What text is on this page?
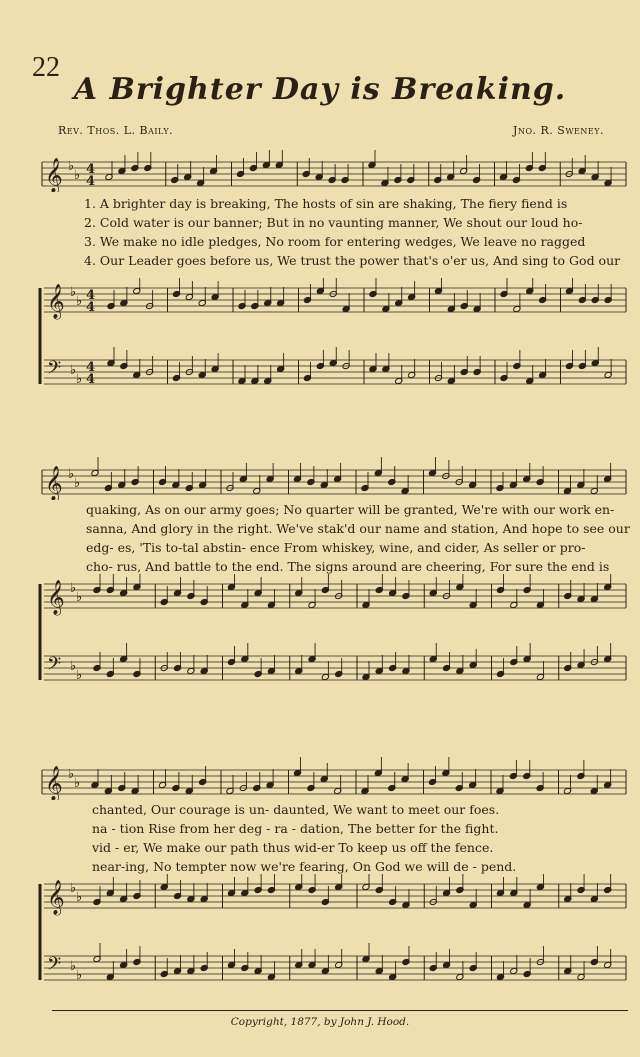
22
A Brighter Day is Breaking.
Rev. Thos. L. Baily.	Jno. R. Sweney.
𝄞 ♭
♭ 4
4
1. A brighter day is breaking, The hosts of sin are shaking, The fiery fiend is
2. Cold water is our banner; But in no vaunting manner, We shout our loud ho-
3. We make no idle pledges, No room for entering wedges, We leave no ragged
4. Our Leader goes before us, We trust the power that's o'er us, And sing to God our
𝄞 ♭
♭
𝄢 ♭
♭
4
4
4
4
𝄞 ♭
♭
quaking, As on our army goes; No quarter will be granted, We're with our work en-
sanna, And glory in the right. We've stak'd our name and station, And hope to see our
edg- es, 'Tis to-tal abstin- ence From whiskey, wine, and cider, As seller or pro-
cho- rus, And battle to the end. The signs around are cheering, For sure the end is
𝄞 ♭
♭
𝄢 ♭
♭
𝄞 ♭
♭
chanted, Our courage is un- daunted, We want to meet our foes.
na - tion Rise from her deg - ra - dation, The better for the fight.
vid - er, We make our path thus wid-er To keep us off the fence.
near-ing, No tempter now we're fearing, On God we will de - pend.
𝄞 ♭
♭
𝄢 ♭
♭
Copyright, 1877, by John J. Hood.
